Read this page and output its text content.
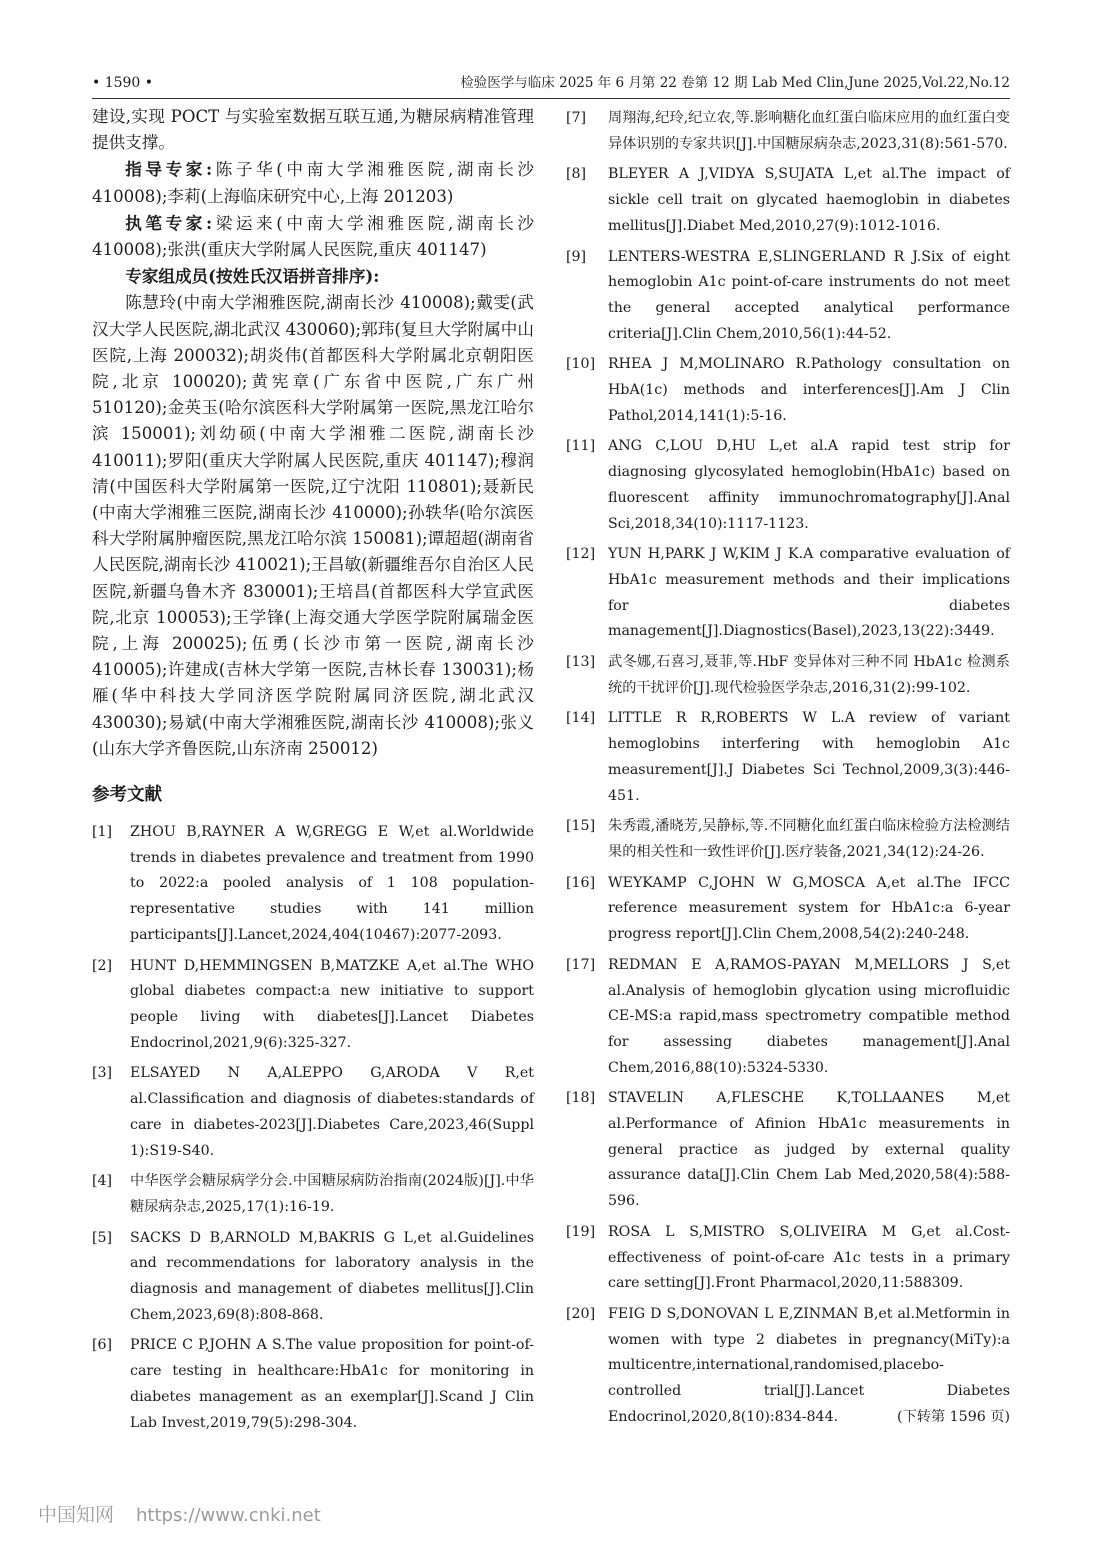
• 1590 •	检验医学与临床 2025 年 6 月第 22 卷第 12 期 Lab Med Clin,June 2025,Vol.22,No.12

建设,实现 POCT 与实验室数据互联互通,为糖尿病精准管理提供支撑。

指导专家:陈子华(中南大学湘雅医院,湖南长沙 410008);李莉(上海临床研究中心,上海 201203)

执笔专家:梁运来(中南大学湘雅医院,湖南长沙 410008);张洪(重庆大学附属人民医院,重庆 401147)

专家组成员(按姓氏汉语拼音排序):

陈慧玲(中南大学湘雅医院,湖南长沙 410008);戴雯(武汉大学人民医院,湖北武汉 430060);郭玮(复旦大学附属中山医院,上海 200032);胡炎伟(首都医科大学附属北京朝阳医院,北京 100020);黄宪章(广东省中医院,广东广州 510120);金英玉(哈尔滨医科大学附属第一医院,黑龙江哈尔滨 150001);刘幼硕(中南大学湘雅二医院,湖南长沙 410011);罗阳(重庆大学附属人民医院,重庆 401147);穆润清(中国医科大学附属第一医院,辽宁沈阳 110801);聂新民(中南大学湘雅三医院,湖南长沙 410000);孙轶华(哈尔滨医科大学附属肿瘤医院,黑龙江哈尔滨 150081);谭超超(湖南省人民医院,湖南长沙 410021);王昌敏(新疆维吾尔自治区人民医院,新疆乌鲁木齐 830001);王培昌(首都医科大学宣武医院,北京 100053);王学锋(上海交通大学医学院附属瑞金医院,上海 200025);伍勇(长沙市第一医院,湖南长沙 410005);许建成(吉林大学第一医院,吉林长春 130031);杨雁(华中科技大学同济医学院附属同济医院,湖北武汉 430030);易斌(中南大学湘雅医院,湖南长沙 410008);张义(山东大学齐鲁医院,山东济南 250012)

参考文献
[1] ZHOU B,RAYNER A W,GREGG E W,et al.Worldwide trends in diabetes prevalence and treatment from 1990 to 2022:a pooled analysis of 1 108 population-representative studies with 141 million participants[J].Lancet,2024,404(10467):2077-2093.
[2] HUNT D,HEMMINGSEN B,MATZKE A,et al.The WHO global diabetes compact:a new initiative to support people living with diabetes[J].Lancet Diabetes Endocrinol,2021,9(6):325-327.
[3] ELSAYED N A,ALEPPO G,ARODA V R,et al.Classification and diagnosis of diabetes:standards of care in diabetes-2023[J].Diabetes Care,2023,46(Suppl 1):S19-S40.
[4] 中华医学会糖尿病学分会.中国糖尿病防治指南(2024版)[J].中华糖尿病杂志,2025,17(1):16-19.
[5] SACKS D B,ARNOLD M,BAKRIS G L,et al.Guidelines and recommendations for laboratory analysis in the diagnosis and management of diabetes mellitus[J].Clin Chem,2023,69(8):808-868.
[6] PRICE C P,JOHN A S.The value proposition for point-of-care testing in healthcare:HbA1c for monitoring in diabetes management as an exemplar[J].Scand J Clin Lab Invest,2019,79(5):298-304.
[7] 周翔海,纪玲,纪立农,等.影响糖化血红蛋白临床应用的血红蛋白变异体识别的专家共识[J].中国糖尿病杂志,2023,31(8):561-570.
[8] BLEYER A J,VIDYA S,SUJATA L,et al.The impact of sickle cell trait on glycated haemoglobin in diabetes mellitus[J].Diabet Med,2010,27(9):1012-1016.
[9] LENTERS-WESTRA E,SLINGERLAND R J.Six of eight hemoglobin A1c point-of-care instruments do not meet the general accepted analytical performance criteria[J].Clin Chem,2010,56(1):44-52.
[10] RHEA J M,MOLINARO R.Pathology consultation on HbA(1c) methods and interferences[J].Am J Clin Pathol,2014,141(1):5-16.
[11] ANG C,LOU D,HU L,et al.A rapid test strip for diagnosing glycosylated hemoglobin(HbA1c) based on fluorescent affinity immunochromatography[J].Anal Sci,2018,34(10):1117-1123.
[12] YUN H,PARK J W,KIM J K.A comparative evaluation of HbA1c measurement methods and their implications for diabetes management[J].Diagnostics(Basel),2023,13(22):3449.
[13] 武冬娜,石喜习,聂菲,等.HbF 变异体对三种不同 HbA1c 检测系统的干扰评价[J].现代检验医学杂志,2016,31(2):99-102.
[14] LITTLE R R,ROBERTS W L.A review of variant hemoglobins interfering with hemoglobin A1c measurement[J].J Diabetes Sci Technol,2009,3(3):446-451.
[15] 朱秀霞,潘晓芳,吴静标,等.不同糖化血红蛋白临床检验方法检测结果的相关性和一致性评价[J].医疗装备,2021,34(12):24-26.
[16] WEYKAMP C,JOHN W G,MOSCA A,et al.The IFCC reference measurement system for HbA1c:a 6-year progress report[J].Clin Chem,2008,54(2):240-248.
[17] REDMAN E A,RAMOS-PAYAN M,MELLORS J S,et al.Analysis of hemoglobin glycation using microfluidic CE-MS:a rapid,mass spectrometry compatible method for assessing diabetes management[J].Anal Chem,2016,88(10):5324-5330.
[18] STAVELIN A,FLESCHE K,TOLLAANES M,et al.Performance of Afinion HbA1c measurements in general practice as judged by external quality assurance data[J].Clin Chem Lab Med,2020,58(4):588-596.
[19] ROSA L S,MISTRO S,OLIVEIRA M G,et al.Cost-effectiveness of point-of-care A1c tests in a primary care setting[J].Front Pharmacol,2020,11:588309.
[20] FEIG D S,DONOVAN L E,ZINMAN B,et al.Metformin in women with type 2 diabetes in pregnancy(MiTy):a multicentre,international,randomised,placebo-controlled trial[J].Lancet Diabetes Endocrinol,2020,8(10):834-844.	(下转第 1596 页)
中国知网 https://www.cnki.net
